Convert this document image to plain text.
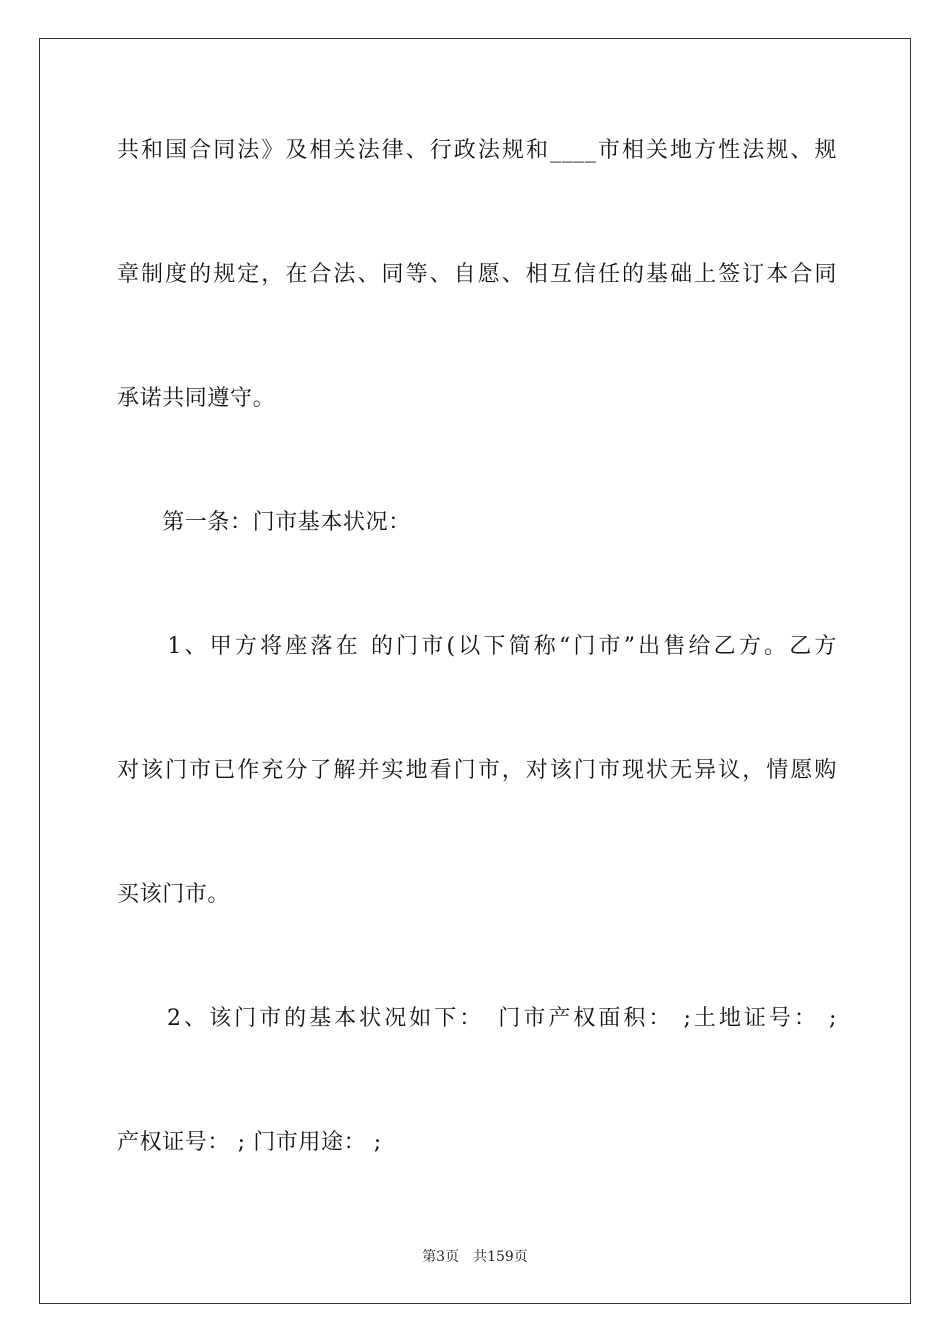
共和国合同法》及相关法律、行政法规和____市相关地方性法规、规
章制度的规定，在合法、同等、自愿、相互信任的基础上签订本合同
承诺共同遵守。
　　第一条：门市基本状况：
　　1、甲方将座落在 的门市(以下简称“门市”出售给乙方。乙方
对该门市已作充分了解并实地看门市，对该门市现状无异议，情愿购
买该门市。
　　2、该门市的基本状况如下：　门市产权面积： ;土地证号： ;
产权证号： ; 门市用途： ;
第3页　共159页
